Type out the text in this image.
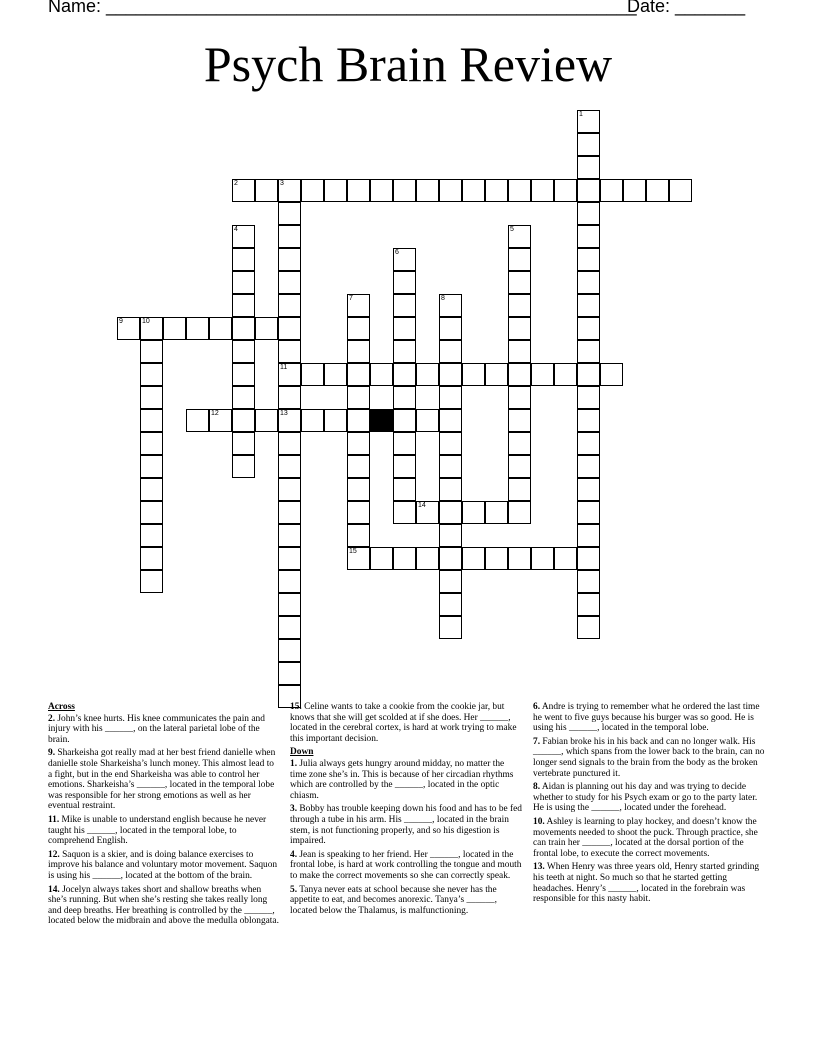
Name: _____________________________________________________
Date: _______
Psych Brain Review
2	3
9	10
11
12	13
14
15
1
4	5
6
7	8
Across
2. John’s knee hurts. His knee communicates the pain and injury with his ______, on the lateral parietal lobe of the brain.
9. Sharkeisha got really mad at her best friend danielle when danielle stole Sharkeisha’s lunch money. This almost lead to a fight, but in the end Sharkeisha was able to control her emotions. Sharkeisha’s ______, located in the temporal lobe was responsible for her strong emotions as well as her eventual restraint.
11. Mike is unable to understand english because he never taught his ______, located in the temporal lobe, to comprehend English.
12. Saquon is a skier, and is doing balance exercises to improve his balance and voluntary motor movement. Saquon is using his ______, located at the bottom of the brain.
14. Jocelyn always takes short and shallow breaths when she’s running. But when she’s resting she takes really long and deep breaths. Her breathing is controlled by the ______, located below the midbrain and above the medulla oblongata.
15. Celine wants to take a cookie from the cookie jar, but knows that she will get scolded at if she does. Her ______, located in the cerebral cortex, is hard at work trying to make this important decision.
Down
1. Julia always gets hungry around midday, no matter the time zone she’s in. This is because of her circadian rhythms which are controlled by the ______, located in the optic chiasm.
3. Bobby has trouble keeping down his food and has to be fed through a tube in his arm. His ______, located in the brain stem, is not functioning properly, and so his digestion is impaired.
4. Jean is speaking to her friend. Her ______, located in the frontal lobe, is hard at work controlling the tongue and mouth to make the correct movements so she can correctly speak.
5. Tanya never eats at school because she never has the appetite to eat, and becomes anorexic. Tanya’s ______, located below the Thalamus, is malfunctioning.
6. Andre is trying to remember what he ordered the last time he went to five guys because his burger was so good. He is using his ______, located in the temporal lobe.
7. Fabian broke his in his back and can no longer walk. His ______, which spans from the lower back to the brain, can no longer send signals to the brain from the body as the broken vertebrate punctured it.
8. Aidan is planning out his day and was trying to decide whether to study for his Psych exam or go to the party later. He is using the ______, located under the forehead.
10. Ashley is learning to play hockey, and doesn’t know the movements needed to shoot the puck. Through practice, she can train her ______, located at the dorsal portion of the frontal lobe, to execute the correct movements.
13. When Henry was three years old, Henry started grinding his teeth at night. So much so that he started getting headaches. Henry’s ______, located in the forebrain was responsible for this nasty habit.
